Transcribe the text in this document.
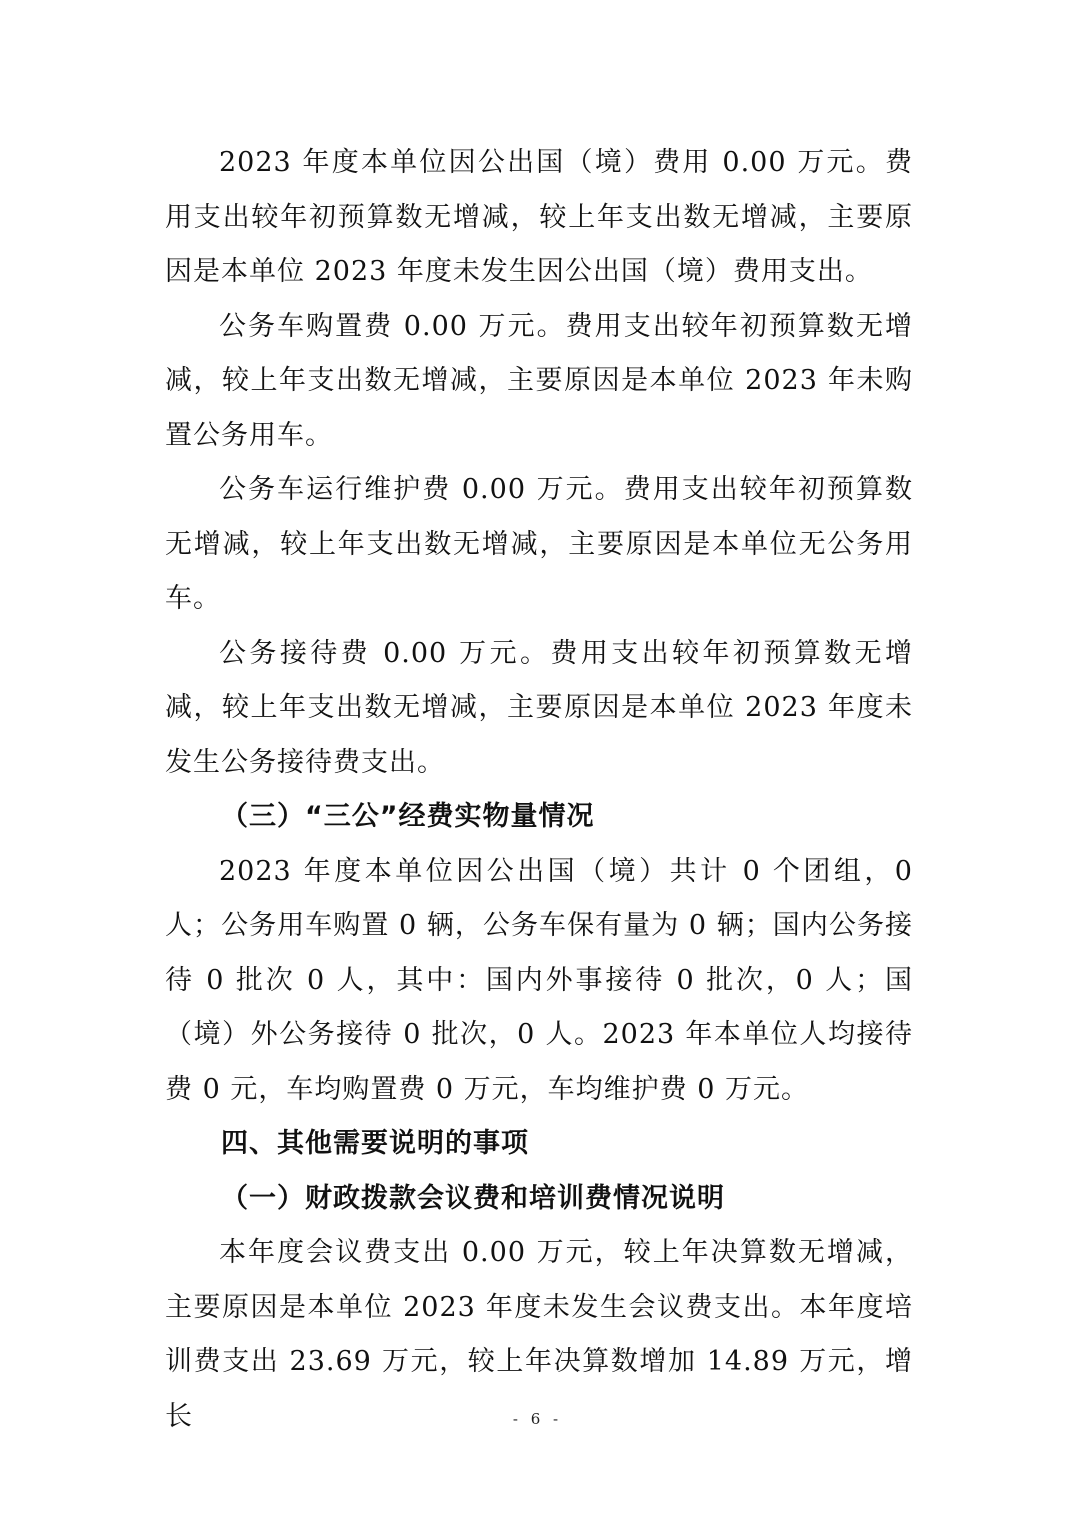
2023 年度本单位因公出国（境）费用 0.00 万元。费用支出较年初预算数无增减，较上年支出数无增减，主要原因是本单位 2023 年度未发生因公出国（境）费用支出。

公务车购置费 0.00 万元。费用支出较年初预算数无增减，较上年支出数无增减，主要原因是本单位 2023 年未购置公务用车。

公务车运行维护费 0.00 万元。费用支出较年初预算数无增减，较上年支出数无增减，主要原因是本单位无公务用车。

公务接待费 0.00 万元。费用支出较年初预算数无增减，较上年支出数无增减，主要原因是本单位 2023 年度未发生公务接待费支出。

（三）“三公”经费实物量情况

2023 年度本单位因公出国（境）共计 0 个团组，0 人；公务用车购置 0 辆，公务车保有量为 0 辆；国内公务接待 0 批次 0 人，其中：国内外事接待 0 批次，0 人；国（境）外公务接待 0 批次，0 人。2023 年本单位人均接待费 0 元，车均购置费 0 万元，车均维护费 0 万元。

四、其他需要说明的事项

（一）财政拨款会议费和培训费情况说明

本年度会议费支出 0.00 万元，较上年决算数无增减，主要原因是本单位 2023 年度未发生会议费支出。本年度培训费支出 23.69 万元，较上年决算数增加 14.89 万元，增长	- 6 -
